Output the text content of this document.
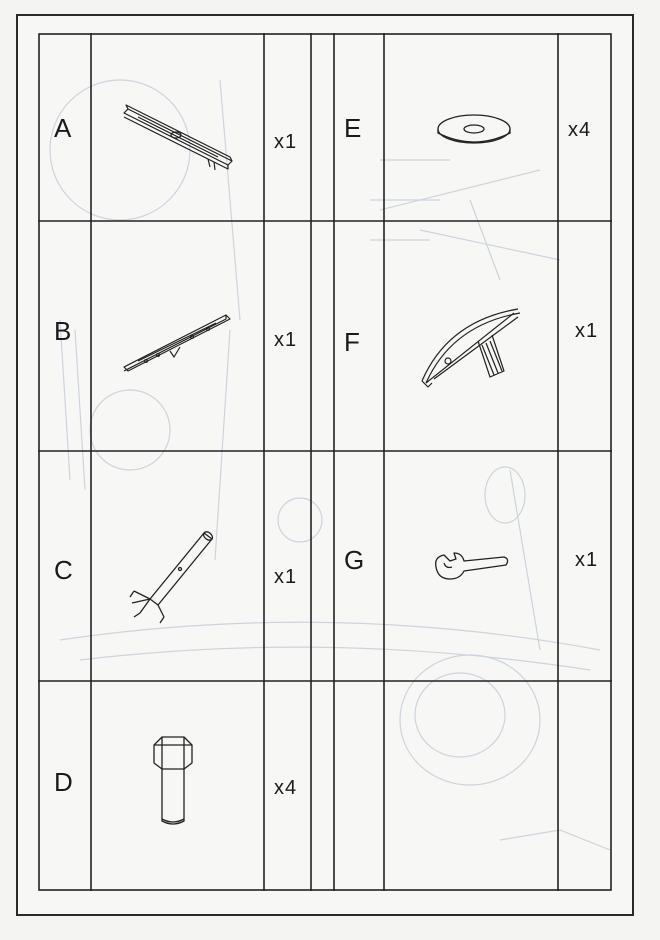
A
B
C
D
x1
x1
x1
x4
E
F
G
x4
x1
x1
